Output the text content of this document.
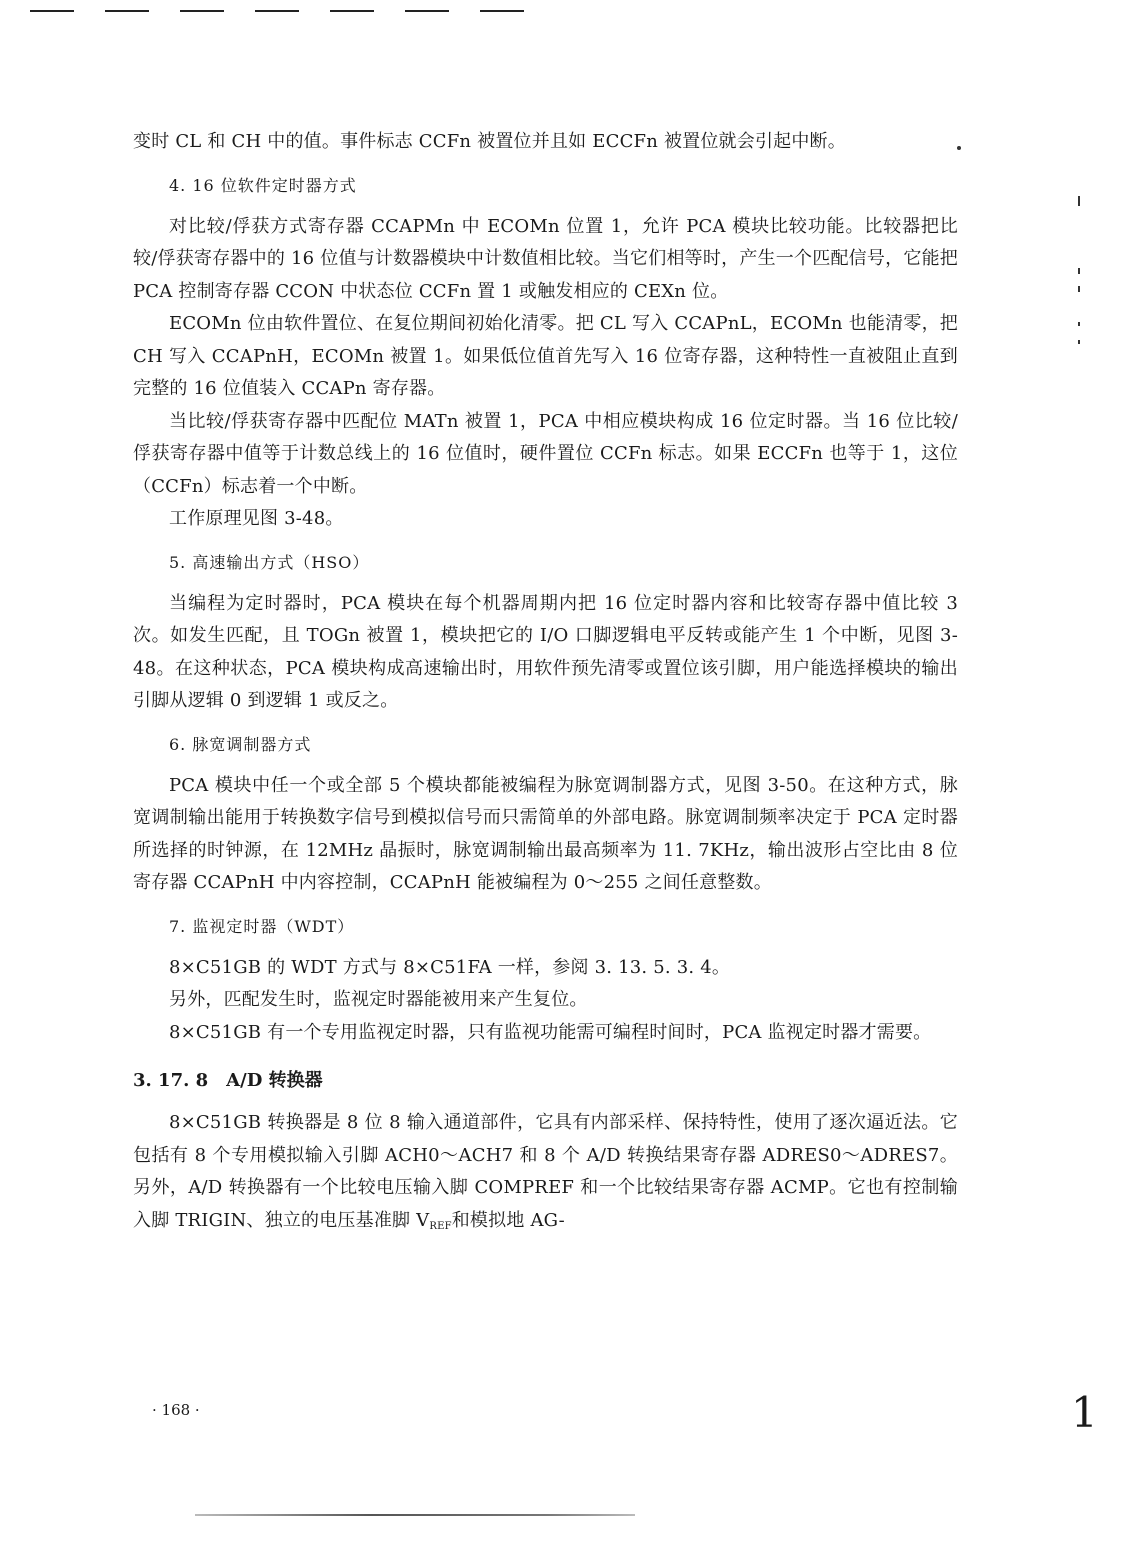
变时 CL 和 CH 中的值。事件标志 CCFn 被置位并且如 ECCFn 被置位就会引起中断。

4. 16 位软件定时器方式

对比较/俘获方式寄存器 CCAPMn 中 ECOMn 位置 1，允许 PCA 模块比较功能。比较器把比较/俘获寄存器中的 16 位值与计数器模块中计数值相比较。当它们相等时，产生一个匹配信号，它能把 PCA 控制寄存器 CCON 中状态位 CCFn 置 1 或触发相应的 CEXn 位。

ECOMn 位由软件置位、在复位期间初始化清零。把 CL 写入 CCAPnL，ECOMn 也能清零，把 CH 写入 CCAPnH，ECOMn 被置 1。如果低位值首先写入 16 位寄存器，这种特性一直被阻止直到完整的 16 位值装入 CCAPn 寄存器。

当比较/俘获寄存器中匹配位 MATn 被置 1，PCA 中相应模块构成 16 位定时器。当 16 位比较/俘获寄存器中值等于计数总线上的 16 位值时，硬件置位 CCFn 标志。如果 ECCFn 也等于 1，这位（CCFn）标志着一个中断。

工作原理见图 3-48。

5. 高速输出方式（HSO）

当编程为定时器时，PCA 模块在每个机器周期内把 16 位定时器内容和比较寄存器中值比较 3 次。如发生匹配，且 TOGn 被置 1，模块把它的 I/O 口脚逻辑电平反转或能产生 1 个中断，见图 3-48。在这种状态，PCA 模块构成高速输出时，用软件预先清零或置位该引脚，用户能选择模块的输出引脚从逻辑 0 到逻辑 1 或反之。

6. 脉宽调制器方式

PCA 模块中任一个或全部 5 个模块都能被编程为脉宽调制器方式，见图 3-50。在这种方式，脉宽调制输出能用于转换数字信号到模拟信号而只需简单的外部电路。脉宽调制频率决定于 PCA 定时器所选择的时钟源，在 12MHz 晶振时，脉宽调制输出最高频率为 11. 7KHz，输出波形占空比由 8 位寄存器 CCAPnH 中内容控制，CCAPnH 能被编程为 0～255 之间任意整数。

7. 监视定时器（WDT）

8×C51GB 的 WDT 方式与 8×C51FA 一样，参阅 3. 13. 5. 3. 4。

另外，匹配发生时，监视定时器能被用来产生复位。

8×C51GB 有一个专用监视定时器，只有监视功能需可编程时间时，PCA 监视定时器才需要。

3. 17. 8 A/D 转换器

8×C51GB 转换器是 8 位 8 输入通道部件，它具有内部采样、保持特性，使用了逐次逼近法。它包括有 8 个专用模拟输入引脚 ACH0～ACH7 和 8 个 A/D 转换结果寄存器 ADRES0～ADRES7。另外，A/D 转换器有一个比较电压输入脚 COMPREF 和一个比较结果寄存器 ACMP。它也有控制输入脚 TRIGIN、独立的电压基准脚 $V_{REF}$和模拟地 AG-

· 168 ·	1
